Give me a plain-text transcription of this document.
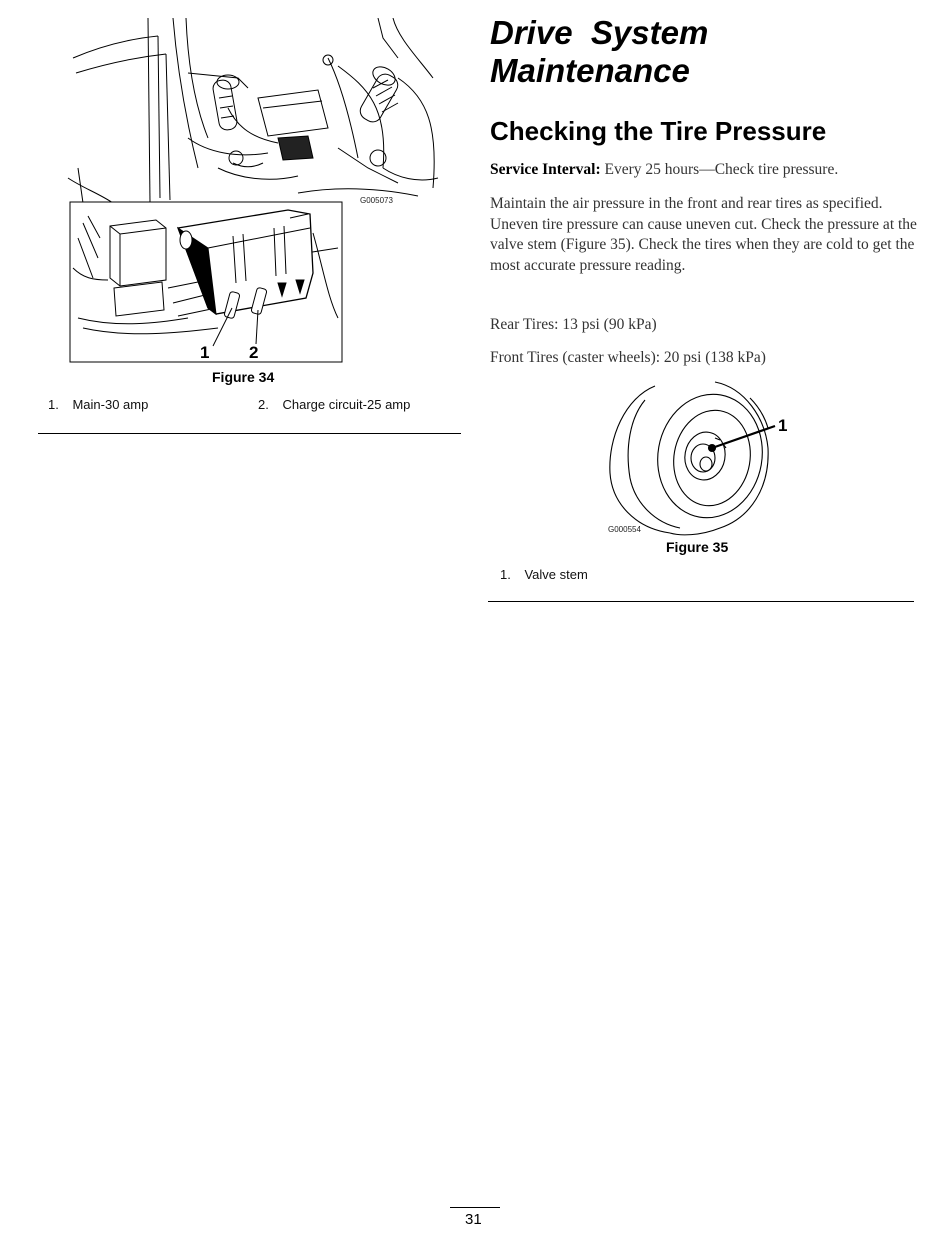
G005073
1 2
Figure 34
1. Main-30 amp	2. Charge circuit-25 amp
Drive  System
Maintenance
Checking the Tire Pressure
Service Interval: Every 25 hours—Check tire pressure.
Maintain the air pressure in the front and rear tires as specified. Uneven tire pressure can cause uneven cut. Check the pressure at the valve stem (Figure 35). Check the tires when they are cold to get the most accurate pressure reading.
Rear Tires: 13 psi (90 kPa)
Front Tires (caster wheels): 20 psi (138 kPa)
1
G000554
Figure 35
1. Valve stem
31
